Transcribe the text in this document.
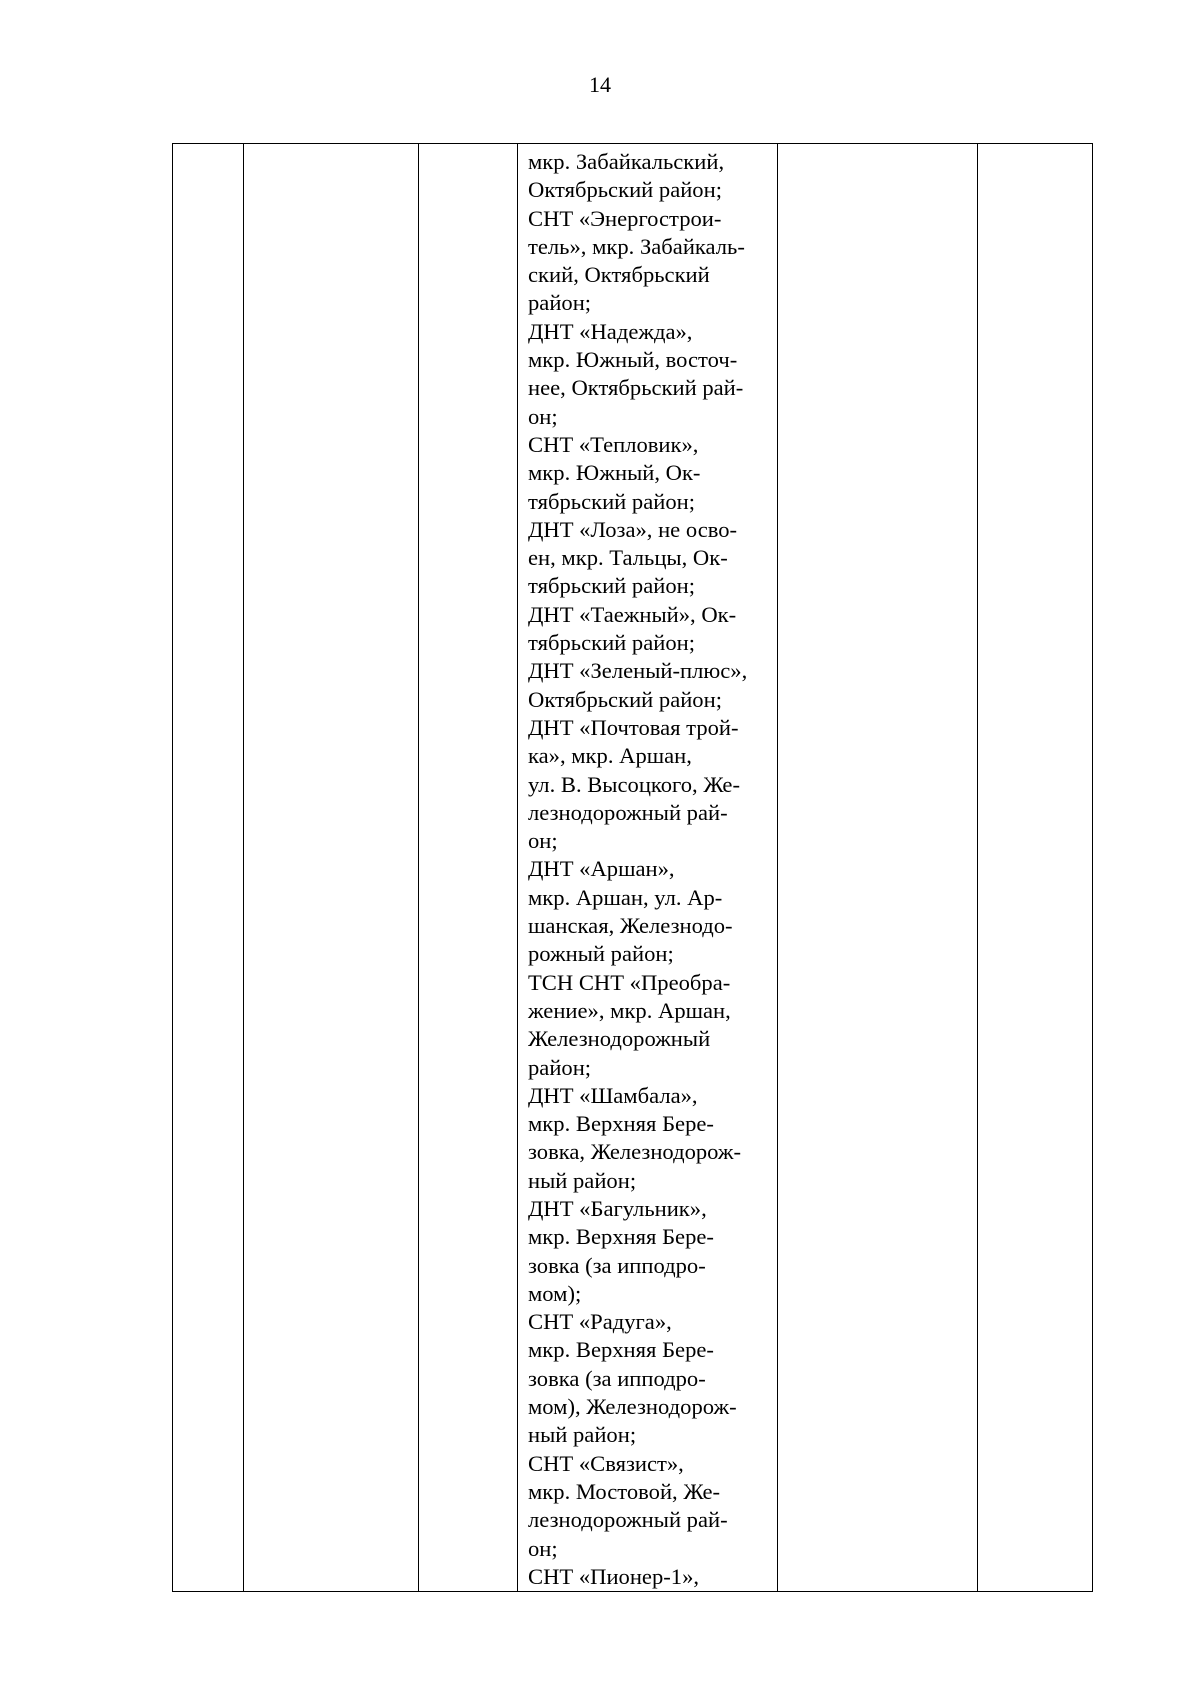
14

мкр. Забайкальский,
Октябрьский район;
СНТ «Энергострои-
тель», мкр. Забайкаль-
ский, Октябрьский
район;
ДНТ «Надежда»,
мкр. Южный, восточ-
нее, Октябрьский рай-
он;
СНТ «Тепловик»,
мкр. Южный, Ок-
тябрьский район;
ДНТ «Лоза», не осво-
ен, мкр. Тальцы, Ок-
тябрьский район;
ДНТ «Таежный», Ок-
тябрьский район;
ДНТ «Зеленый-плюс»,
Октябрьский район;
ДНТ «Почтовая трой-
ка», мкр. Аршан,
ул. В. Высоцкого, Же-
лезнодорожный рай-
он;
ДНТ «Аршан»,
мкр. Аршан, ул. Ар-
шанская, Железнодо-
рожный район;
ТСН СНТ «Преобра-
жение», мкр. Аршан,
Железнодорожный
район;
ДНТ «Шамбала»,
мкр. Верхняя Бере-
зовка, Железнодорож-
ный район;
ДНТ «Багульник»,
мкр. Верхняя Бере-
зовка (за ипподро-
мом);
СНТ «Радуга»,
мкр. Верхняя Бере-
зовка (за ипподро-
мом), Железнодорож-
ный район;
СНТ «Связист»,
мкр. Мостовой, Же-
лезнодорожный рай-
он;
СНТ «Пионер-1»,
